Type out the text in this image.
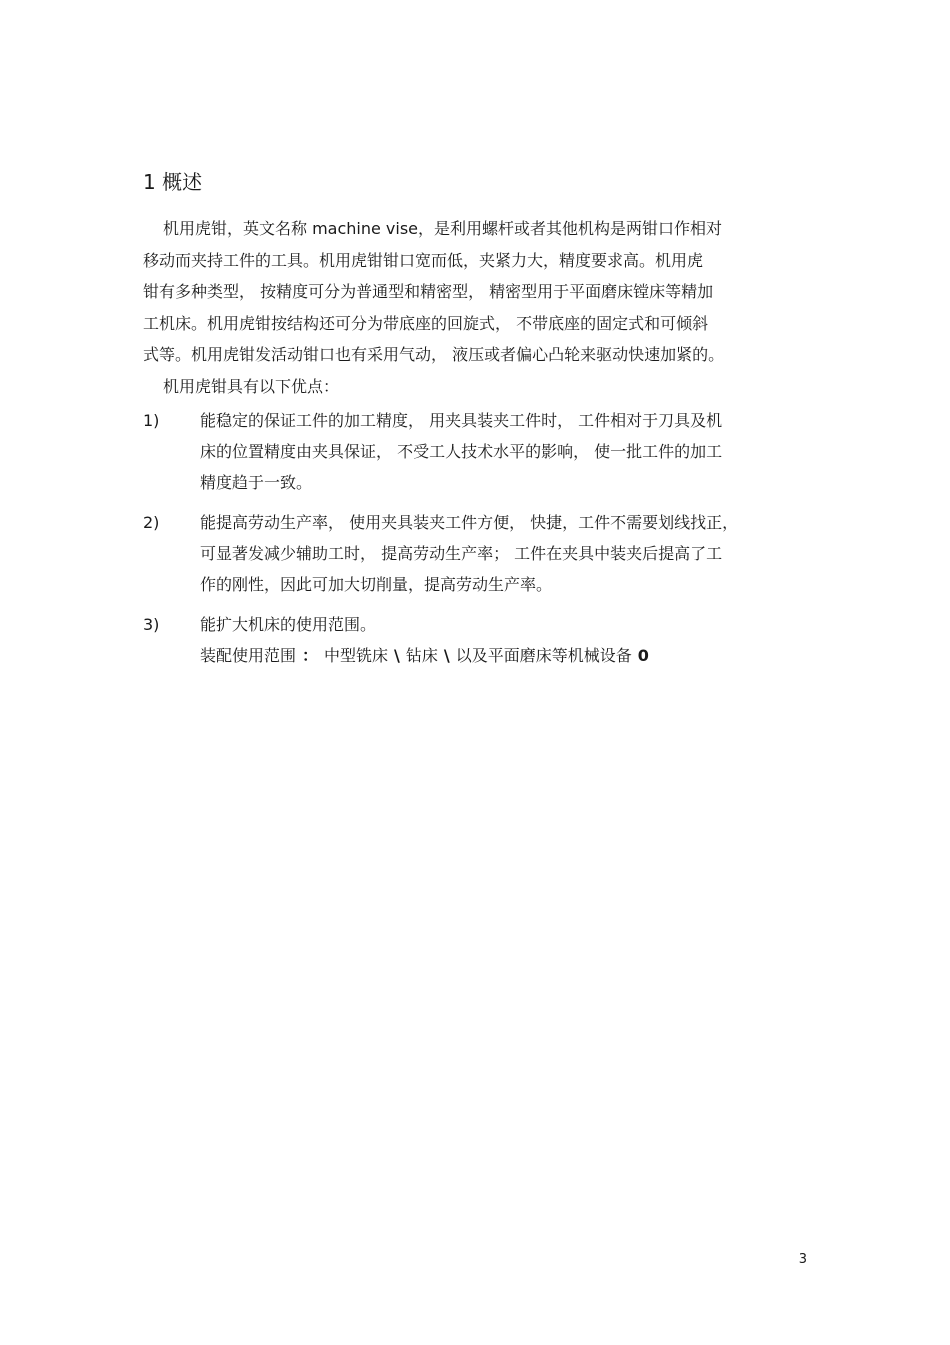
1 概述
机用虎钳，英文名称 machine vise，是利用螺杆或者其他机构是两钳口作相对
移动而夹持工件的工具。机用虎钳钳口宽而低，夹紧力大，精度要求高。机用虎
钳有多种类型， 按精度可分为普通型和精密型， 精密型用于平面磨床镗床等精加
工机床。机用虎钳按结构还可分为带底座的回旋式， 不带底座的固定式和可倾斜
式等。机用虎钳发活动钳口也有采用气动， 液压或者偏心凸轮来驱动快速加紧的。
机用虎钳具有以下优点：
1)	能稳定的保证工件的加工精度， 用夹具装夹工件时， 工件相对于刀具及机
床的位置精度由夹具保证， 不受工人技术水平的影响， 使一批工件的加工
精度趋于一致。
2)	能提高劳动生产率， 使用夹具装夹工件方便， 快捷，工件不需要划线找正，
可显著发减少辅助工时， 提高劳动生产率； 工件在夹具中装夹后提高了工
作的刚性，因此可加大切削量，提高劳动生产率。
3)	能扩大机床的使用范围。
装配使用范围 ： 中型铣床 \ 钻床 \ 以及平面磨床等机械设备 0
3
